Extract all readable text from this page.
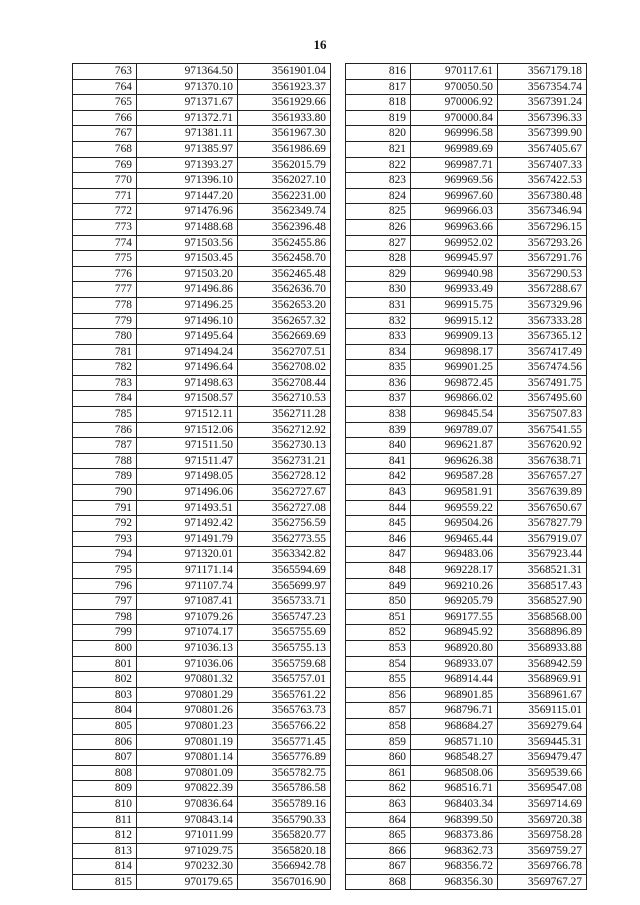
16
763	971364.50	3561901.04
764	971370.10	3561923.37
765	971371.67	3561929.66
766	971372.71	3561933.80
767	971381.11	3561967.30
768	971385.97	3561986.69
769	971393.27	3562015.79
770	971396.10	3562027.10
771	971447.20	3562231.00
772	971476.96	3562349.74
773	971488.68	3562396.48
774	971503.56	3562455.86
775	971503.45	3562458.70
776	971503.20	3562465.48
777	971496.86	3562636.70
778	971496.25	3562653.20
779	971496.10	3562657.32
780	971495.64	3562669.69
781	971494.24	3562707.51
782	971496.64	3562708.02
783	971498.63	3562708.44
784	971508.57	3562710.53
785	971512.11	3562711.28
786	971512.06	3562712.92
787	971511.50	3562730.13
788	971511.47	3562731.21
789	971498.05	3562728.12
790	971496.06	3562727.67
791	971493.51	3562727.08
792	971492.42	3562756.59
793	971491.79	3562773.55
794	971320.01	3563342.82
795	971171.14	3565594.69
796	971107.74	3565699.97
797	971087.41	3565733.71
798	971079.26	3565747.23
799	971074.17	3565755.69
800	971036.13	3565755.13
801	971036.06	3565759.68
802	970801.32	3565757.01
803	970801.29	3565761.22
804	970801.26	3565763.73
805	970801.23	3565766.22
806	970801.19	3565771.45
807	970801.14	3565776.89
808	970801.09	3565782.75
809	970822.39	3565786.58
810	970836.64	3565789.16
811	970843.14	3565790.33
812	971011.99	3565820.77
813	971029.75	3565820.18
814	970232.30	3566942.78
815	970179.65	3567016.90
816	970117.61	3567179.18
817	970050.50	3567354.74
818	970006.92	3567391.24
819	970000.84	3567396.33
820	969996.58	3567399.90
821	969989.69	3567405.67
822	969987.71	3567407.33
823	969969.56	3567422.53
824	969967.60	3567380.48
825	969966.03	3567346.94
826	969963.66	3567296.15
827	969952.02	3567293.26
828	969945.97	3567291.76
829	969940.98	3567290.53
830	969933.49	3567288.67
831	969915.75	3567329.96
832	969915.12	3567333.28
833	969909.13	3567365.12
834	969898.17	3567417.49
835	969901.25	3567474.56
836	969872.45	3567491.75
837	969866.02	3567495.60
838	969845.54	3567507.83
839	969789.07	3567541.55
840	969621.87	3567620.92
841	969626.38	3567638.71
842	969587.28	3567657.27
843	969581.91	3567639.89
844	969559.22	3567650.67
845	969504.26	3567827.79
846	969465.44	3567919.07
847	969483.06	3567923.44
848	969228.17	3568521.31
849	969210.26	3568517.43
850	969205.79	3568527.90
851	969177.55	3568568.00
852	968945.92	3568896.89
853	968920.80	3568933.88
854	968933.07	3568942.59
855	968914.44	3568969.91
856	968901.85	3568961.67
857	968796.71	3569115.01
858	968684.27	3569279.64
859	968571.10	3569445.31
860	968548.27	3569479.47
861	968508.06	3569539.66
862	968516.71	3569547.08
863	968403.34	3569714.69
864	968399.50	3569720.38
865	968373.86	3569758.28
866	968362.73	3569759.27
867	968356.72	3569766.78
868	968356.30	3569767.27
